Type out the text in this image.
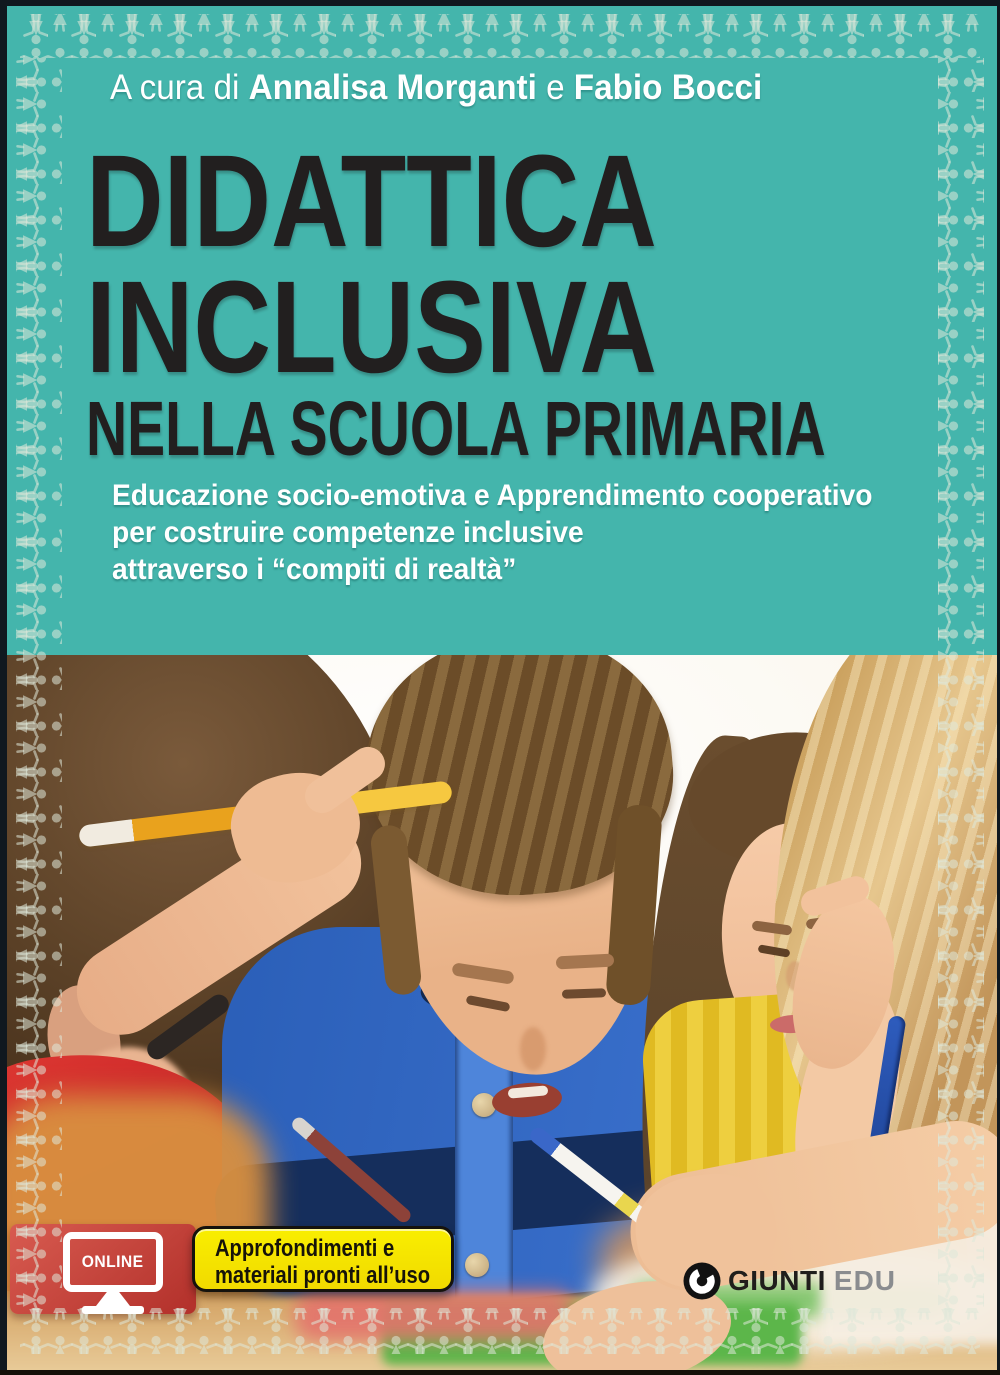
A cura di Annalisa Morganti e Fabio Bocci
DIDATTICA
INCLUSIVA
NELLA SCUOLA PRIMARIA
Educazione socio-emotiva e Apprendimento cooperativo
per costruire competenze inclusive
attraverso i “compiti di realtà”
ONLINE	Approfondimenti e
materiali pronti all’uso	GIUNTI EDU
